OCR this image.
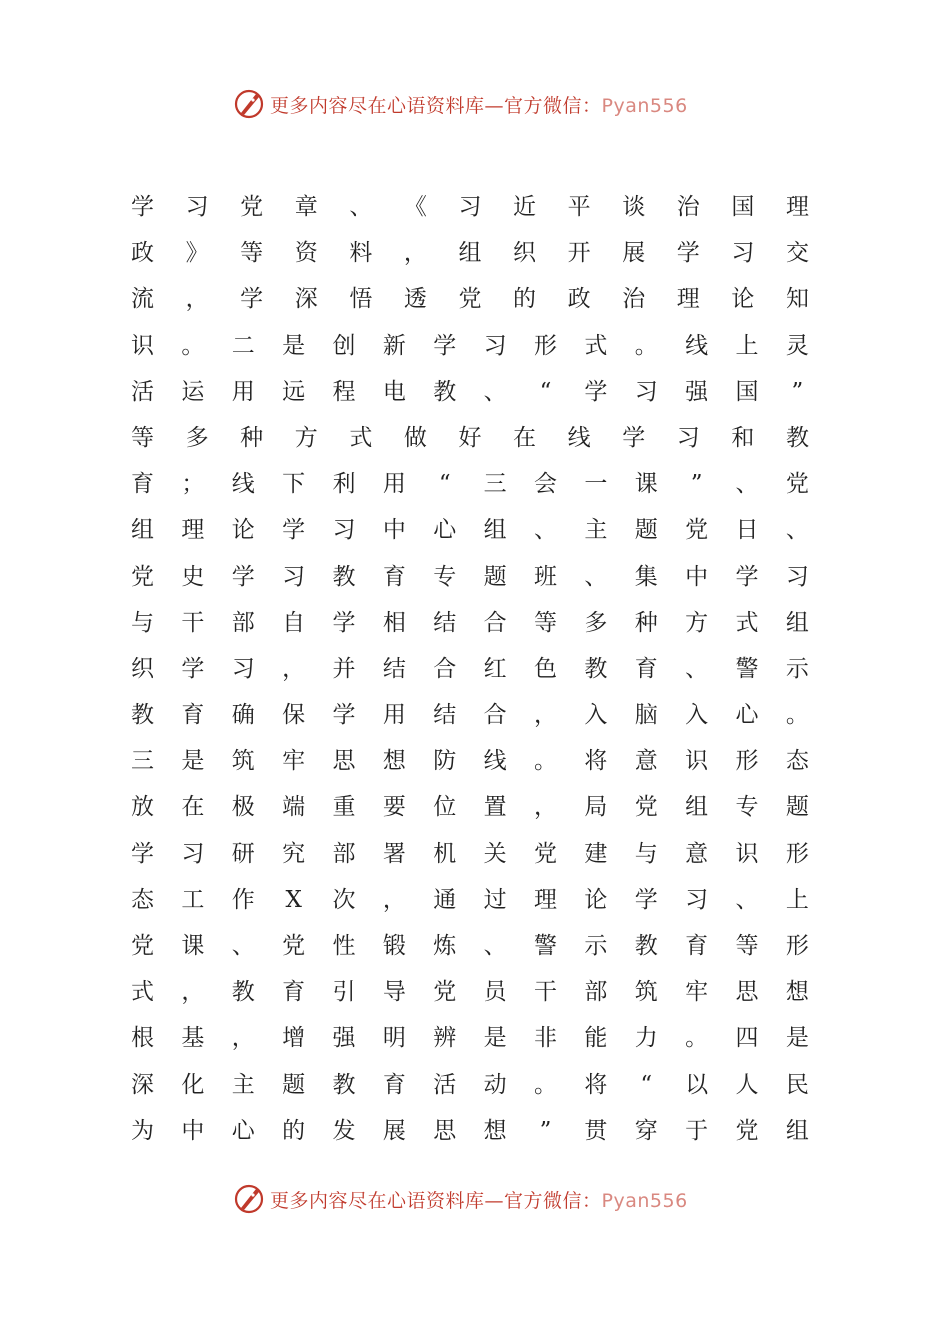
更多内容尽在心语资料库—官方微信：Pyan556
学 习 党 章 、 《 习 近 平 谈 治 国 理
政 》 等 资 料 ， 组 织 开 展 学 习 交
流 ， 学 深 悟 透 党 的 政 治 理 论 知
识 。 二 是 创 新 学 习 形 式 。 线 上 灵
活 运 用 远 程 电 教 、 “ 学 习 强 国 ”
等 多 种 方 式 做 好 在 线 学 习 和 教
育 ； 线 下 利 用 “ 三 会 一 课 ” 、 党
组 理 论 学 习 中 心 组 、 主 题 党 日 、
党 史 学 习 教 育 专 题 班 、 集 中 学 习
与 干 部 自 学 相 结 合 等 多 种 方 式 组
织 学 习 ， 并 结 合 红 色 教 育 、 警 示
教 育 确 保 学 用 结 合 ， 入 脑 入 心 。
三 是 筑 牢 思 想 防 线 。 将 意 识 形 态
放 在 极 端 重 要 位 置 ， 局 党 组 专 题
学 习 研 究 部 署 机 关 党 建 与 意 识 形
态 工 作 X 次 ， 通 过 理 论 学 习 、 上
党 课 、 党 性 锻 炼 、 警 示 教 育 等 形
式 ， 教 育 引 导 党 员 干 部 筑 牢 思 想
根 基 ， 增 强 明 辨 是 非 能 力 。 四 是
深 化 主 题 教 育 活 动 。 将 “ 以 人 民
为 中 心 的 发 展 思 想 ” 贯 穿 于 党 组
更多内容尽在心语资料库—官方微信：Pyan556
